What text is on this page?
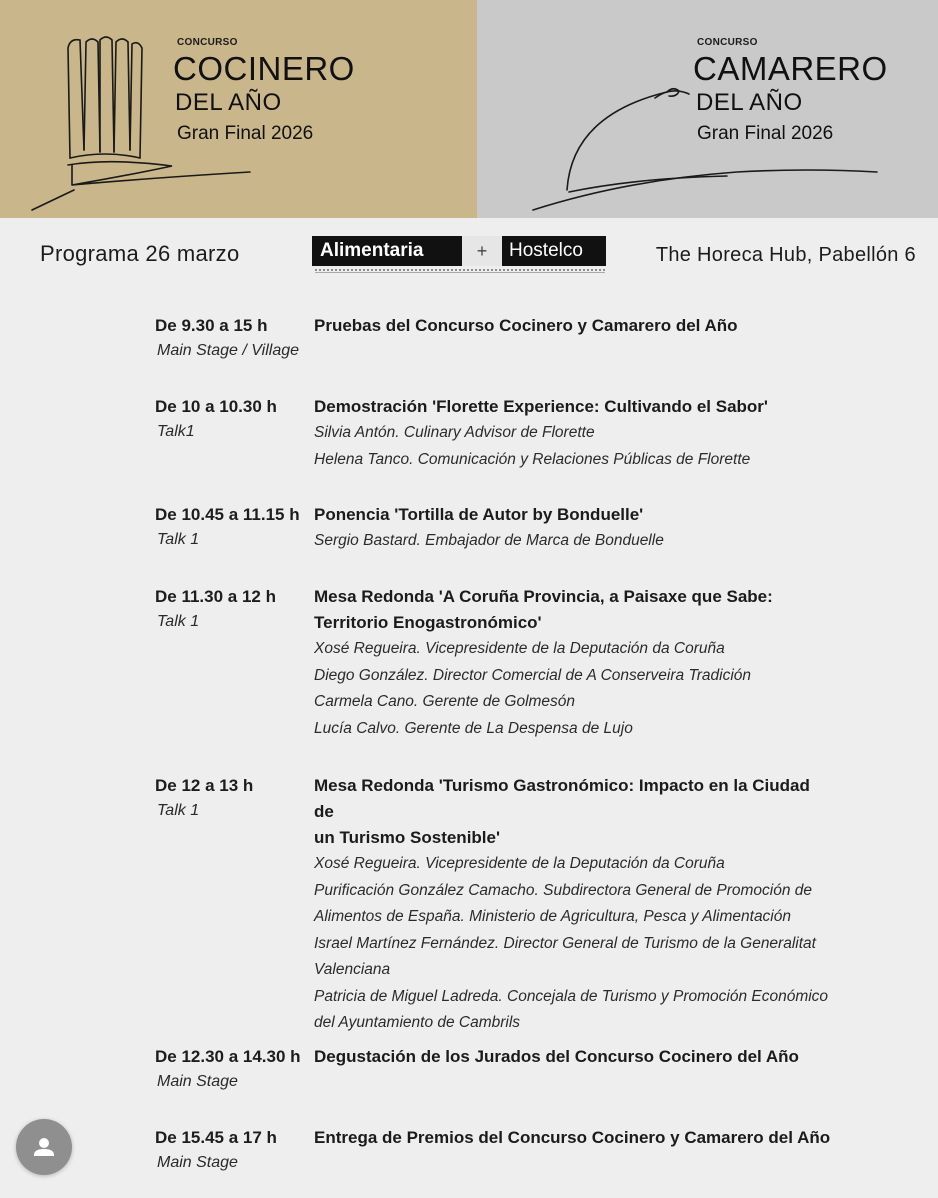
CONCURSO
COCINERO
DEL AÑO
Gran Final 2026
CONCURSO
CAMARERO
DEL AÑO
Gran Final 2026
Programa 26 marzo	Alimentaria	+	Hostelco	The Horeca Hub, Pabellón 6
De 9.30 a 15 h
Main Stage / Village
Pruebas del Concurso Cocinero y Camarero del Año
De 10 a 10.30 h
Talk1
Demostración 'Florette Experience: Cultivando el Sabor'
Silvia Antón. Culinary Advisor de Florette
Helena Tanco. Comunicación y Relaciones Públicas de Florette
De 10.45 a 11.15 h
Talk 1
Ponencia 'Tortilla de Autor by Bonduelle'
Sergio Bastard. Embajador de Marca de Bonduelle
De 11.30 a 12 h
Talk 1
Mesa Redonda 'A Coruña Provincia, a Paisaxe que Sabe:
Territorio Enogastronómico'
Xosé Regueira. Vicepresidente de la Deputación da Coruña
Diego González. Director Comercial de A Conserveira Tradición
Carmela Cano. Gerente de Golmesón
Lucía Calvo. Gerente de La Despensa de Lujo
De 12 a 13 h
Talk 1
Mesa Redonda 'Turismo Gastronómico: Impacto en la Ciudad de
un Turismo Sostenible'
Xosé Regueira. Vicepresidente de la Deputación da Coruña
Purificación González Camacho. Subdirectora General de Promoción de
Alimentos de España. Ministerio de Agricultura, Pesca y Alimentación
Israel Martínez Fernández. Director General de Turismo de la Generalitat
Valenciana
Patricia de Miguel Ladreda. Concejala de Turismo y Promoción Económico
del Ayuntamiento de Cambrils
De 12.30 a 14.30 h
Main Stage
Degustación de los Jurados del Concurso Cocinero del Año
De 15.45 a 17 h
Main Stage
Entrega de Premios del Concurso Cocinero y Camarero del Año
